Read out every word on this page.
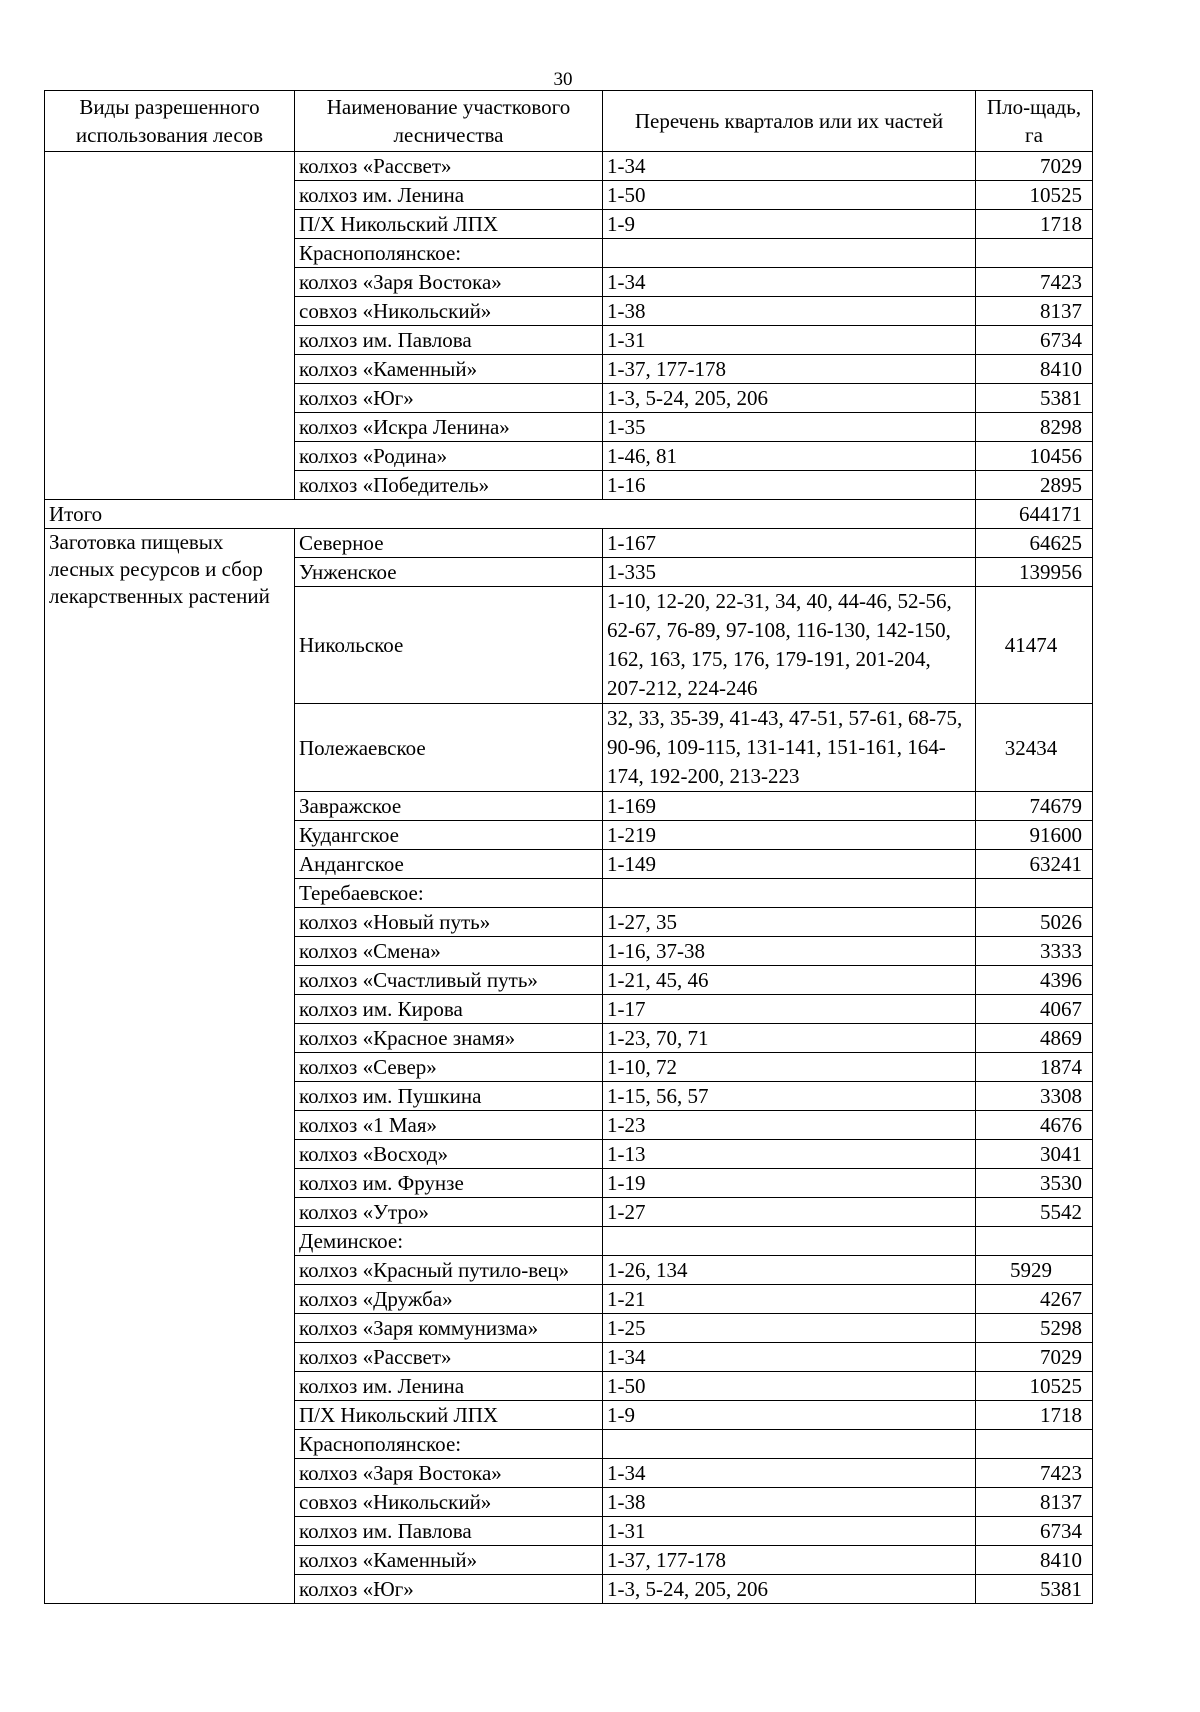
30
Виды разрешенного использования лесов	Наименование участкового лесничества	Перечень кварталов или их частей	Пло-щадь, га
	колхоз «Рассвет»	1-34	7029
	колхоз им. Ленина	1-50	10525
	П/Х Никольский ЛПХ	1-9	1718
	Краснополянское:		
	колхоз «Заря Востока»	1-34	7423
	совхоз «Никольский»	1-38	8137
	колхоз им. Павлова	1-31	6734
	колхоз «Каменный»	1-37, 177-178	8410
	колхоз «Юг»	1-3, 5-24, 205, 206	5381
	колхоз «Искра Ленина»	1-35	8298
	колхоз «Родина»	1-46, 81	10456
	колхоз «Победитель»	1-16	2895
Итого			644171
Заготовка пищевых лесных ресурсов и сбор лекарственных растений	Северное	1-167	64625
	Унженское	1-335	139956
	Никольское	1-10, 12-20, 22-31, 34, 40, 44-46, 52-56, 62-67, 76-89, 97-108, 116-130, 142-150, 162, 163, 175, 176, 179-191, 201-204, 207-212, 224-246	41474
	Полежаевское	32, 33, 35-39, 41-43, 47-51, 57-61, 68-75, 90-96, 109-115, 131-141, 151-161, 164-174, 192-200, 213-223	32434
	Завражское	1-169	74679
	Кудангское	1-219	91600
	Андангское	1-149	63241
	Теребаевское:		
	колхоз «Новый путь»	1-27, 35	5026
	колхоз «Смена»	1-16, 37-38	3333
	колхоз «Счастливый путь»	1-21, 45, 46	4396
	колхоз им. Кирова	1-17	4067
	колхоз «Красное знамя»	1-23, 70, 71	4869
	колхоз «Север»	1-10, 72	1874
	колхоз им. Пушкина	1-15, 56, 57	3308
	колхоз «1 Мая»	1-23	4676
	колхоз «Восход»	1-13	3041
	колхоз им. Фрунзе	1-19	3530
	колхоз «Утро»	1-27	5542
	Деминское:		
	колхоз «Красный путило-вец»	1-26, 134	5929
	колхоз «Дружба»	1-21	4267
	колхоз «Заря коммунизма»	1-25	5298
	колхоз «Рассвет»	1-34	7029
	колхоз им. Ленина	1-50	10525
	П/Х Никольский ЛПХ	1-9	1718
	Краснополянское:		
	колхоз «Заря Востока»	1-34	7423
	совхоз «Никольский»	1-38	8137
	колхоз им. Павлова	1-31	6734
	колхоз «Каменный»	1-37, 177-178	8410
	колхоз «Юг»	1-3, 5-24, 205, 206	5381
